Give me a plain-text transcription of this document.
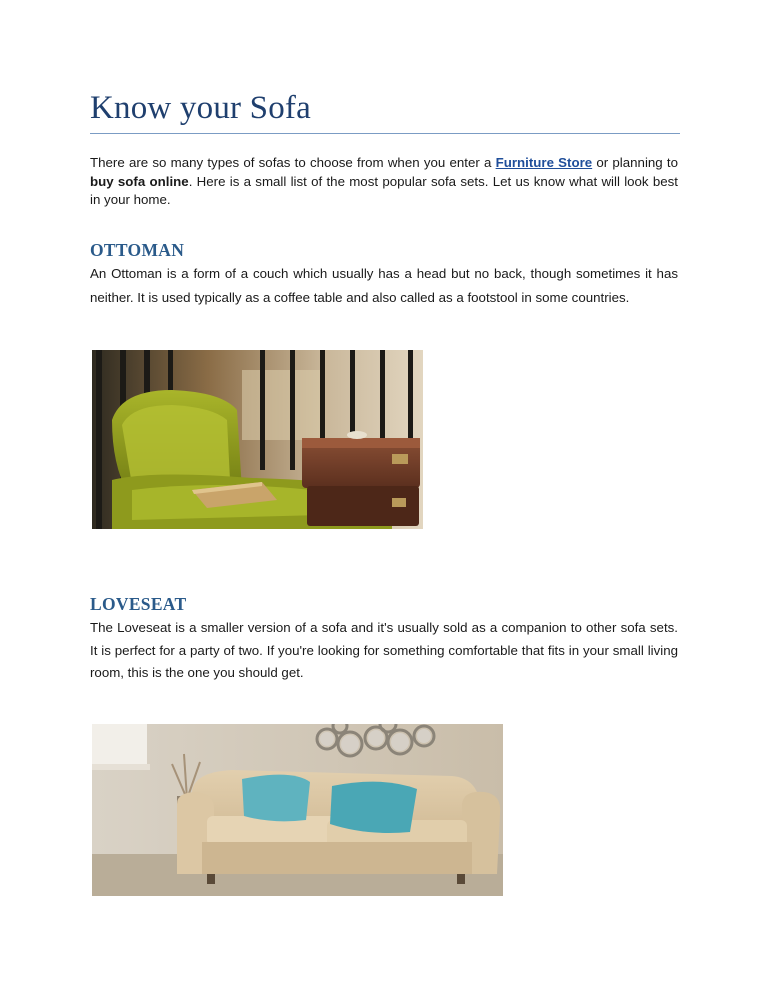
Know your Sofa

There are so many types of sofas to choose from when you enter a Furniture Store or planning to buy sofa online. Here is a small list of the most popular sofa sets. Let us know what will look best in your home.

OTTOMAN

An Ottoman is a form of a couch which usually has a head but no back, though sometimes it has neither. It is used typically as a coffee table and also called as a footstool in some countries.

LOVESEAT

The Loveseat is a smaller version of a sofa and it's usually sold as a companion to other sofa sets. It is perfect for a party of two. If you're looking for something comfortable that fits in your small living room, this is the one you should get.
